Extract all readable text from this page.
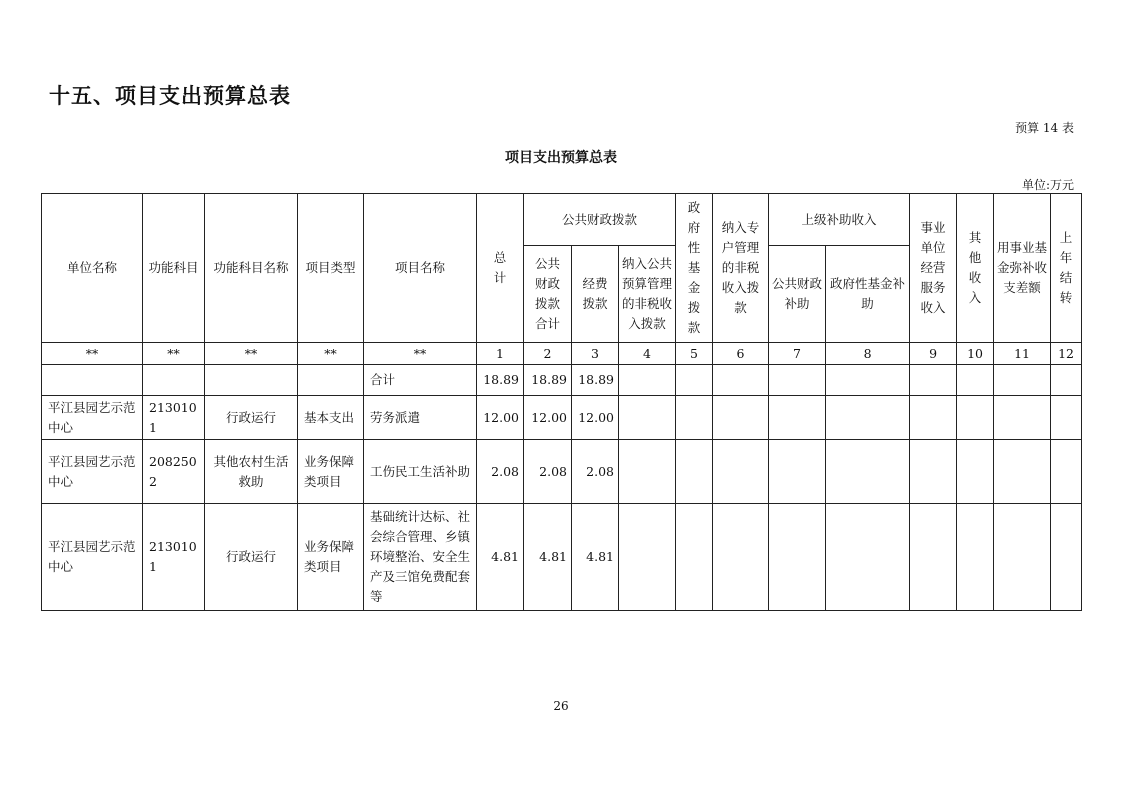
十五、项目支出预算总表
预算 14 表
项目支出预算总表
单位:万元
单位名称	功能科目	功能科目名称	项目类型	项目名称	总计	公共财政拨款			政府性基金拨款	纳入专户管理的非税收入拨款	上级补助收入		事业单位经营服务收入	其他收入	用事业基金弥补收支差额	上年结转
						公共财政拨款合计	经费拨款	纳入公共预算管理的非税收入拨款			公共财政补助	政府性基金补助				
**	**	**	**	**	1	2	3	4	5	6	7	8	9	10	11	12
				合计	18.89	18.89	18.89									
平江县园艺示范中心	2130101	行政运行	基本支出	劳务派遣	12.00	12.00	12.00									
平江县园艺示范中心	2082502	其他农村生活救助	业务保障类项目	工伤民工生活补助	2.08	2.08	2.08									
平江县园艺示范中心	2130101	行政运行	业务保障类项目	基础统计达标、社会综合管理、乡镇环境整治、安全生产及三馆免费配套等	4.81	4.81	4.81									
26
